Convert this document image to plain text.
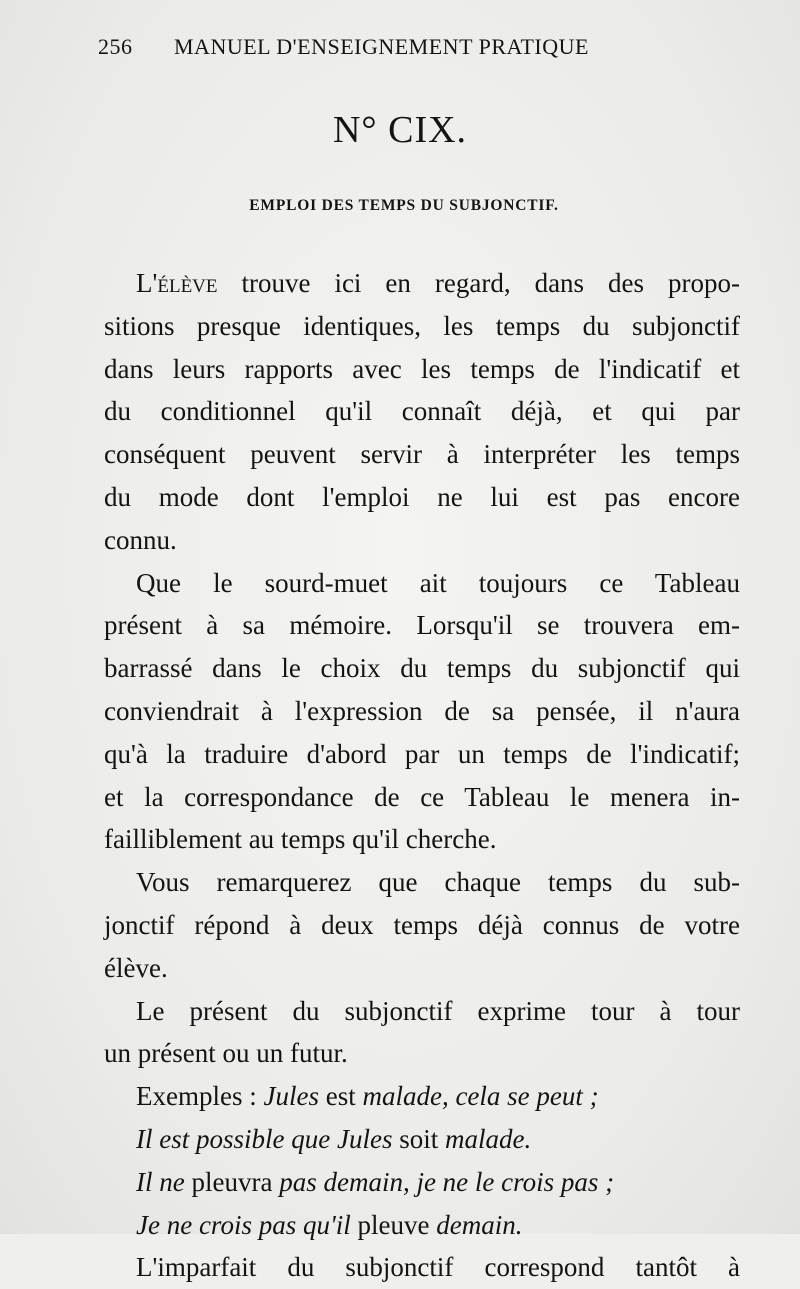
256 MANUEL D'ENSEIGNEMENT PRATIQUE
N° CIX.
EMPLOI DES TEMPS DU SUBJONCTIF.
L'élève trouve ici en regard, dans des propo-
sitions presque identiques, les temps du subjonctif
dans leurs rapports avec les temps de l'indicatif et
du conditionnel qu'il connaît déjà, et qui par
conséquent peuvent servir à interpréter les temps
du mode dont l'emploi ne lui est pas encore
connu.
Que le sourd-muet ait toujours ce Tableau
présent à sa mémoire. Lorsqu'il se trouvera em-
barrassé dans le choix du temps du subjonctif qui
conviendrait à l'expression de sa pensée, il n'aura
qu'à la traduire d'abord par un temps de l'indicatif;
et la correspondance de ce Tableau le menera in-
failliblement au temps qu'il cherche.
Vous remarquerez que chaque temps du sub-
jonctif répond à deux temps déjà connus de votre
élève.
Le présent du subjonctif exprime tour à tour
un présent ou un futur.
Exemples : Jules est malade, cela se peut ;
Il est possible que Jules soit malade.
Il ne pleuvra pas demain, je ne le crois pas ;
Je ne crois pas qu'il pleuve demain.
L'imparfait du subjonctif correspond tantôt à
